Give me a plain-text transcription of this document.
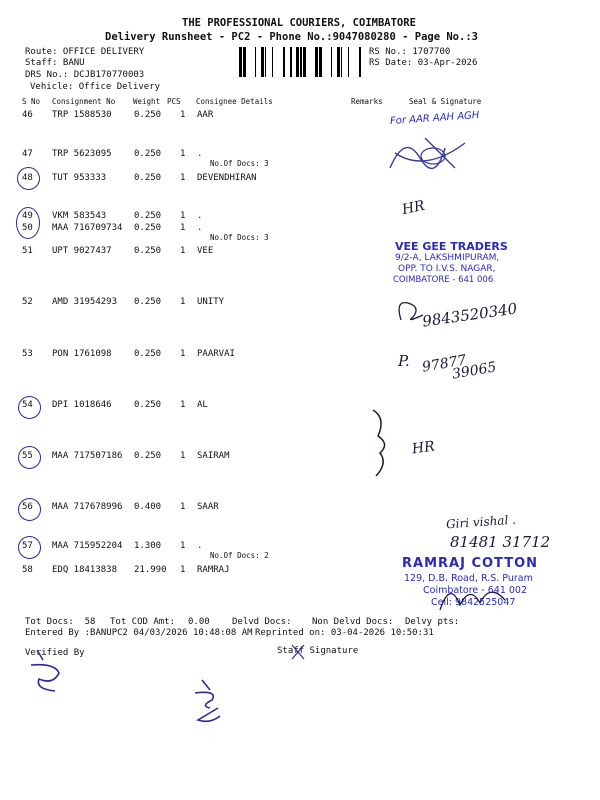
THE PROFESSIONAL COURIERS, COIMBATORE
Delivery Runsheet - PC2 - Phone No.:9047080280 - Page No.:3
Route: OFFICE DELIVERY
Staff: BANU
DRS No.: DCJB170770003
Vehicle: Office Delivery
RS No.: 1707700
RS Date: 03-Apr-2026
S No Consignment No Weight PCS Consignee Details	Remarks	Seal & Signature
46 TRP 1588530 0.250 1 AAR
47 TRP 5623095 0.250 1 .
No.Of Docs: 3
48 TUT 953333	0.250 1 DEVENDHIRAN
49 VKM 583543	0.250 1 .
50 MAA 716709734 0.250 1 .
No.Of Docs: 3
51 UPT 9027437 0.250 1 VEE
52 AMD 31954293 0.250 1 UNITY
53 PON 1761098 0.250 1 PAARVAI
54 DPI 1018646 0.250 1 AL
55 MAA 717507186 0.250 1 SAIRAM
56 MAA 717678996 0.400 1 SAAR
57 MAA 715952204 1.300 1 .
No.Of Docs: 2
58 EDQ 18413838 21.990 1 RAMRAJ
For AAR AAH AGH
HR
VEE GEE TRADERS
9/2-A, LAKSHMIPURAM,
OPP. TO I.V.S. NAGAR,
COIMBATORE - 641 006
9843520340
P. 97877
39065
HR
Giri vishal .
81481 31712
RAMRAJ COTTON
129, D.B. Road, R.S. Puram
Coimbatore - 641 002
Cell: 9842525047
Tot Docs:  58 Tot COD Amt: 0.00 Delvd Docs: Non Delvd Docs: Delvy pts:
Entered By :BANUPC2 04/03/2026 10:48:08 AM Reprinted on: 03-04-2026 10:50:31
Verified By	Staff Signature
